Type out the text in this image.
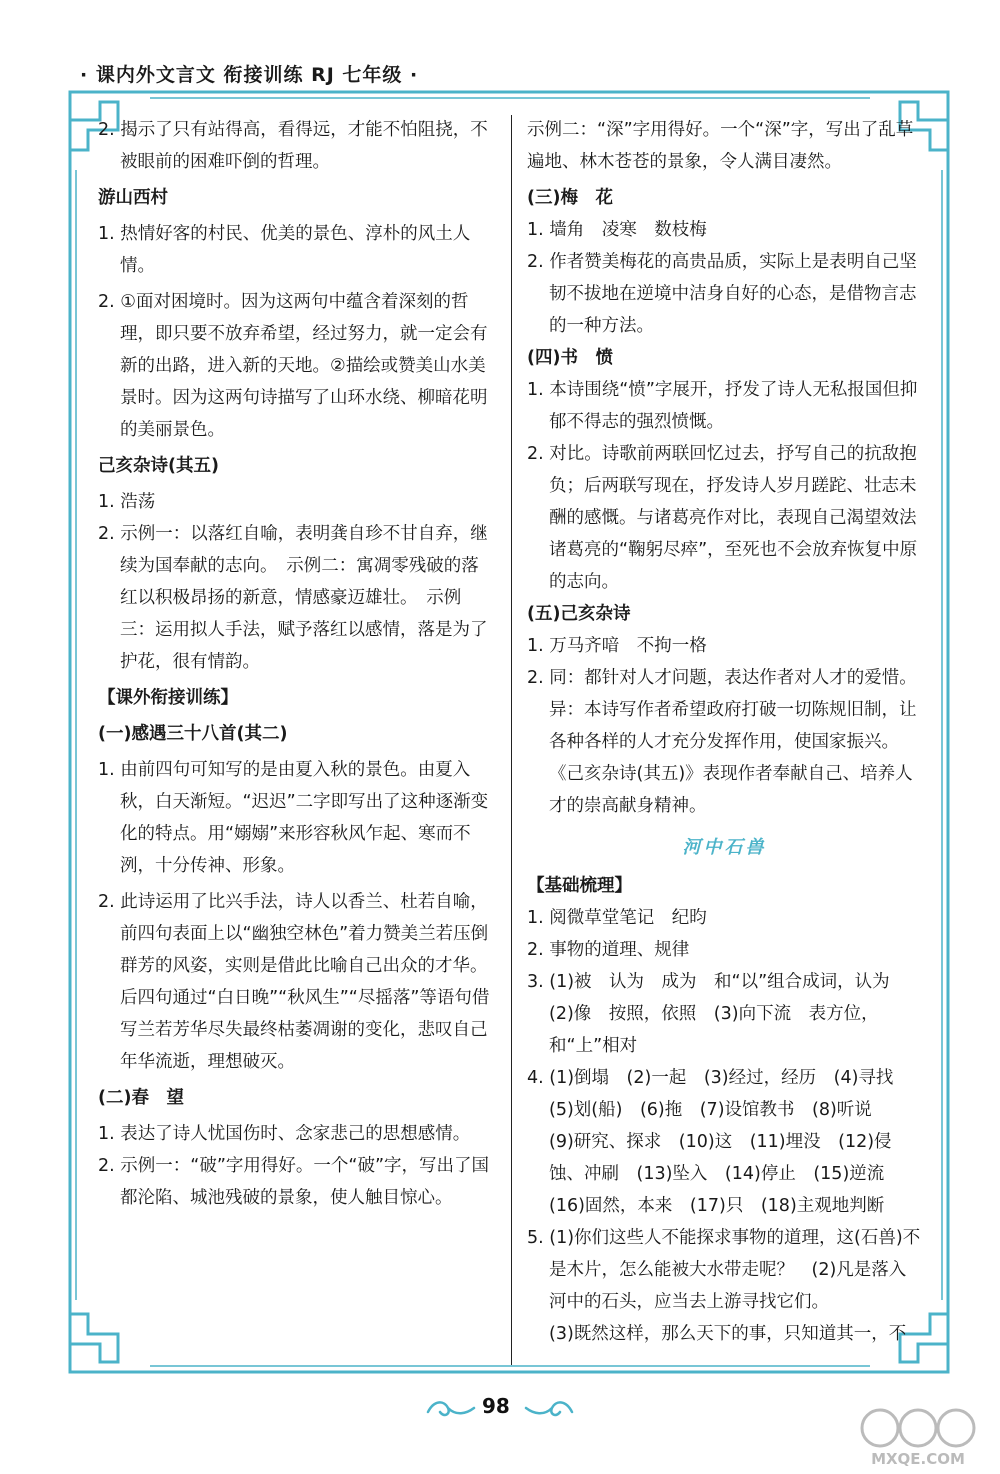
· 课内外文言文 衔接训练 RJ 七年级 ·

2. 揭示了只有站得高，看得远，才能不怕阻挠，不被眼前的困难吓倒的哲理。

游山西村

1. 热情好客的村民、优美的景色、淳朴的风土人情。

2. ①面对困境时。因为这两句中蕴含着深刻的哲理，即只要不放弃希望，经过努力，就一定会有新的出路，进入新的天地。②描绘或赞美山水美景时。因为这两句诗描写了山环水绕、柳暗花明的美丽景色。

己亥杂诗(其五)

1. 浩荡

2. 示例一：以落红自喻，表明龚自珍不甘自弃，继续为国奉献的志向。　示例二：寓凋零残破的落红以积极昂扬的新意，情感豪迈雄壮。　示例三：运用拟人手法，赋予落红以感情，落是为了护花，很有情韵。

【课外衔接训练】

(一)感遇三十八首(其二)

1. 由前四句可知写的是由夏入秋的景色。由夏入秋，白天渐短。“迟迟”二字即写出了这种逐渐变化的特点。用“嫋嫋”来形容秋风乍起、寒而不洌，十分传神、形象。

2. 此诗运用了比兴手法，诗人以香兰、杜若自喻，前四句表面上以“幽独空林色”着力赞美兰若压倒群芳的风姿，实则是借此比喻自己出众的才华。后四句通过“白日晚”“秋风生”“尽摇落”等语句借写兰若芳华尽失最终枯萎凋谢的变化，悲叹自己年华流逝，理想破灭。

(二)春　望

1. 表达了诗人忧国伤时、念家悲己的思想感情。

2. 示例一：“破”字用得好。一个“破”字，写出了国都沦陷、城池残破的景象，使人触目惊心。

示例二：“深”字用得好。一个“深”字，写出了乱草遍地、林木苍苍的景象，令人满目凄然。

(三)梅　花

1. 墙角　凌寒　数枝梅

2. 作者赞美梅花的高贵品质，实际上是表明自己坚韧不拔地在逆境中洁身自好的心态，是借物言志的一种方法。

(四)书　愤

1. 本诗围绕“愤”字展开，抒发了诗人无私报国但抑郁不得志的强烈愤慨。

2. 对比。诗歌前两联回忆过去，抒写自己的抗敌抱负；后两联写现在，抒发诗人岁月蹉跎、壮志未酬的感慨。与诸葛亮作对比，表现自己渴望效法诸葛亮的“鞠躬尽瘁”，至死也不会放弃恢复中原的志向。

(五)己亥杂诗

1. 万马齐喑　不拘一格

2. 同：都针对人才问题，表达作者对人才的爱惜。异：本诗写作者希望政府打破一切陈规旧制，让各种各样的人才充分发挥作用，使国家振兴。《己亥杂诗(其五)》表现作者奉献自己、培养人才的崇高献身精神。

河中石兽

【基础梳理】

1. 阅微草堂笔记　纪昀

2. 事物的道理、规律

3. (1)被　认为　成为　和“以”组合成词，认为

(2)像　按照，依照　(3)向下流　表方位，和“上”相对

4. (1)倒塌　(2)一起　(3)经过，经历　(4)寻找

(5)划(船)　(6)拖　(7)设馆教书　(8)听说

(9)研究、探求　(10)这　(11)埋没　(12)侵蚀、冲刷　(13)坠入　(14)停止　(15)逆流

(16)固然，本来　(17)只　(18)主观地判断

5. (1)你们这些人不能探求事物的道理，这(石兽)不是木片，怎么能被大水带走呢？　(2)凡是落入河中的石头，应当去上游寻找它们。

(3)既然这样，那么天下的事，只知道其一，不

98
MXQE.COM
